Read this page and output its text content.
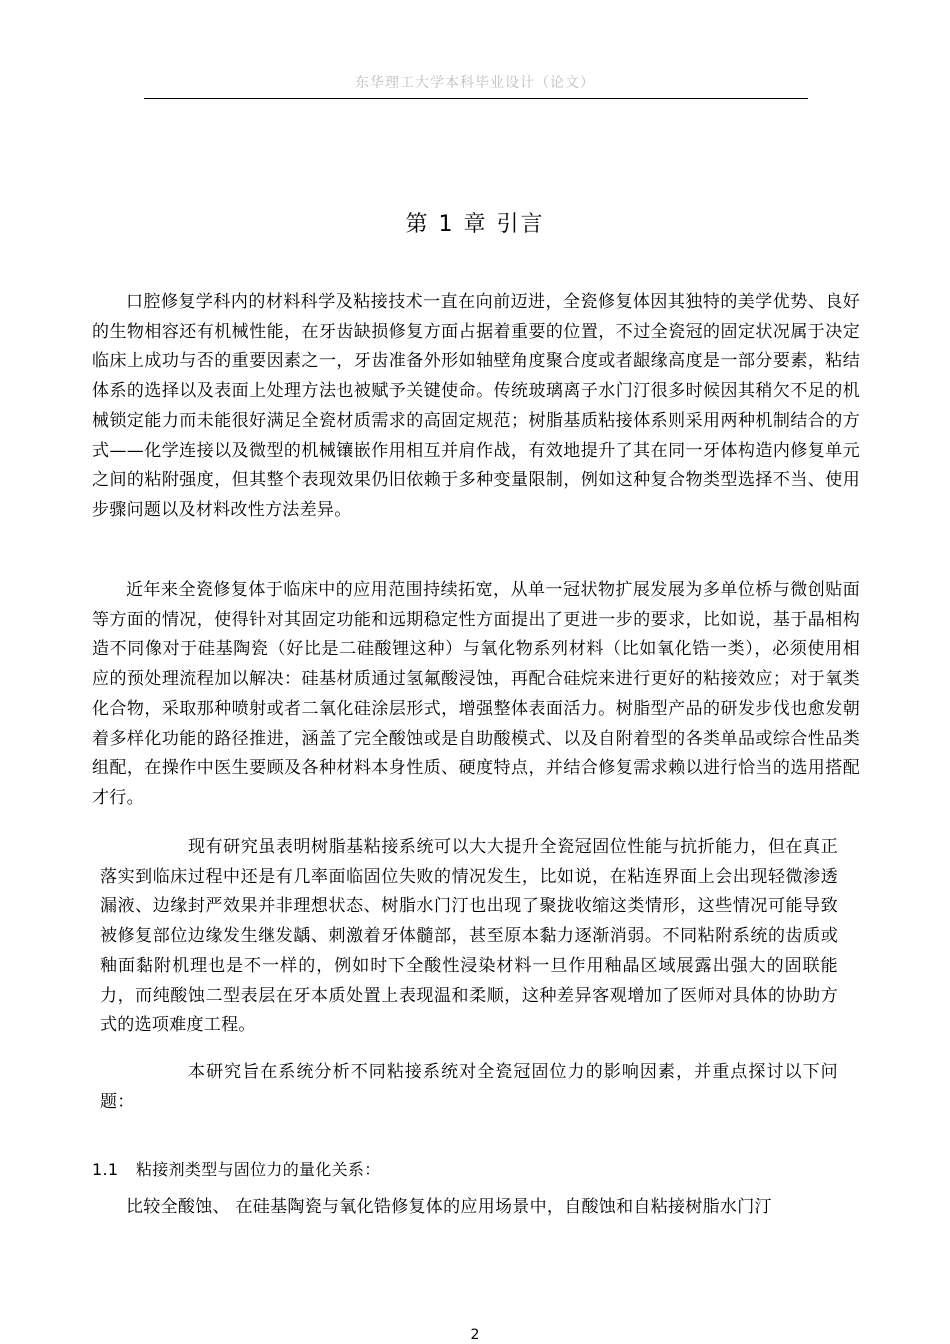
东华理工大学本科毕业设计（论文）
第 1 章 引言

口腔修复学科内的材料科学及粘接技术一直在向前迈进，全瓷修复体因其独特的美学优势、良好的生物相容还有机械性能，在牙齿缺损修复方面占据着重要的位置，不过全瓷冠的固定状况属于决定临床上成功与否的重要因素之一，牙齿准备外形如轴壁角度聚合度或者龈缘高度是一部分要素，粘结体系的选择以及表面上处理方法也被赋予关键使命。传统玻璃离子水门汀很多时候因其稍欠不足的机械锁定能力而未能很好满足全瓷材质需求的高固定规范；树脂基质粘接体系则采用两种机制结合的方式——化学连接以及微型的机械镶嵌作用相互并肩作战，有效地提升了其在同一牙体构造内修复单元之间的粘附强度，但其整个表现效果仍旧依赖于多种变量限制，例如这种复合物类型选择不当、使用步骤问题以及材料改性方法差异。

近年来全瓷修复体于临床中的应用范围持续拓宽，从单一冠状物扩展发展为多单位桥与微创贴面等方面的情况，使得针对其固定功能和远期稳定性方面提出了更进一步的要求，比如说，基于晶相构造不同像对于硅基陶瓷（好比是二硅酸锂这种）与氧化物系列材料（比如氧化锆一类），必须使用相应的预处理流程加以解决：硅基材质通过氢氟酸浸蚀，再配合硅烷来进行更好的粘接效应；对于氧类化合物，采取那种喷射或者二氧化硅涂层形式，增强整体表面活力。树脂型产品的研发步伐也愈发朝着多样化功能的路径推进，涵盖了完全酸蚀或是自助酸模式、以及自附着型的各类单品或综合性品类组配，在操作中医生要顾及各种材料本身性质、硬度特点，并结合修复需求赖以进行恰当的选用搭配才行。

现有研究虽表明树脂基粘接系统可以大大提升全瓷冠固位性能与抗折能力，但在真正落实到临床过程中还是有几率面临固位失败的情况发生，比如说，在粘连界面上会出现轻微渗透漏液、边缘封严效果并非理想状态、树脂水门汀也出现了聚拢收缩这类情形，这些情况可能导致被修复部位边缘发生继发龋、刺激着牙体髓部，甚至原本黏力逐渐消弱。不同粘附系统的齿质或釉面黏附机理也是不一样的，例如时下全酸性浸染材料一旦作用釉晶区域展露出强大的固联能力，而纯酸蚀二型表层在牙本质处置上表现温和柔顺，这种差异客观增加了医师对具体的协助方式的选项难度工程。

本研究旨在系统分析不同粘接系统对全瓷冠固位力的影响因素，并重点探讨以下问题：

1.1 粘接剂类型与固位力的量化关系：

比较全酸蚀、 在硅基陶瓷与氧化锆修复体的应用场景中，自酸蚀和自粘接树脂水门汀

2
